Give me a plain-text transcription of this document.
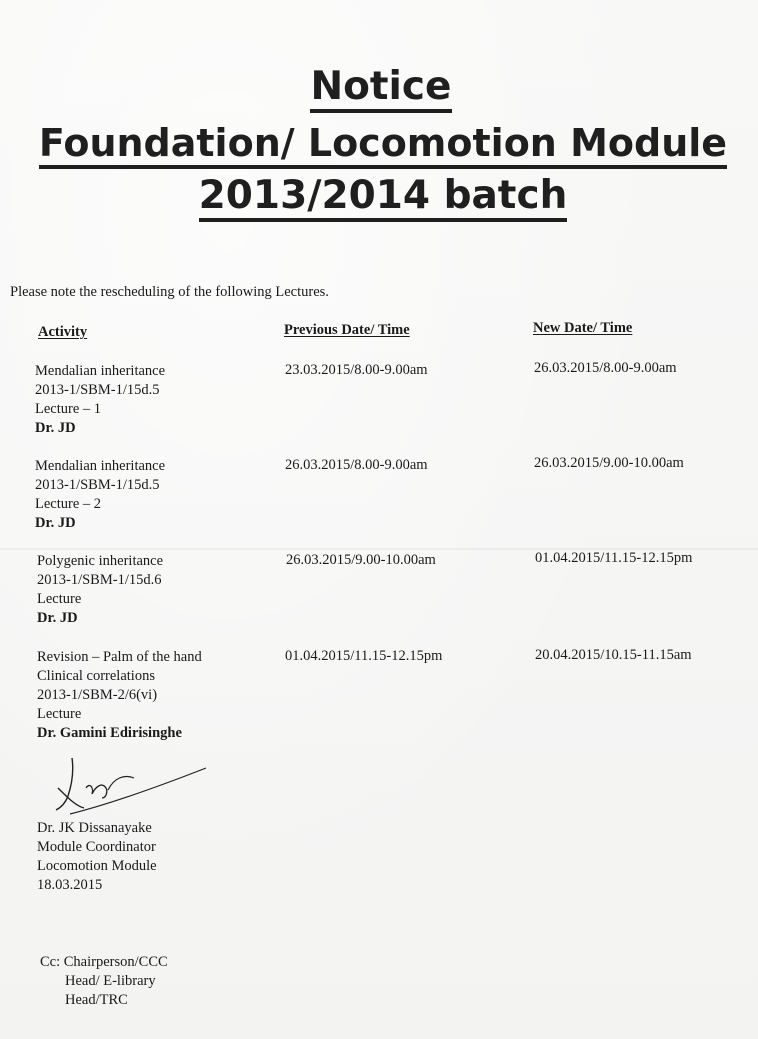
Notice
Foundation/ Locomotion Module
2013/2014 batch
Please note the rescheduling of the following Lectures.
Activity	Previous Date/ Time	New Date/ Time
Mendalian inheritance
2013-1/SBM-1/15d.5
Lecture – 1
Dr. JD
23.03.2015/8.00-9.00am	26.03.2015/8.00-9.00am
Mendalian inheritance
2013-1/SBM-1/15d.5
Lecture – 2
Dr. JD
26.03.2015/8.00-9.00am	26.03.2015/9.00-10.00am
Polygenic inheritance
2013-1/SBM-1/15d.6
Lecture
Dr. JD
26.03.2015/9.00-10.00am	01.04.2015/11.15-12.15pm
Revision – Palm of the hand
Clinical correlations
2013-1/SBM-2/6(vi)
Lecture
Dr. Gamini Edirisinghe
01.04.2015/11.15-12.15pm	20.04.2015/10.15-11.15am
Dr. JK Dissanayake
Module Coordinator
Locomotion Module
18.03.2015
Cc: Chairperson/CCC
Head/ E-library
Head/TRC
